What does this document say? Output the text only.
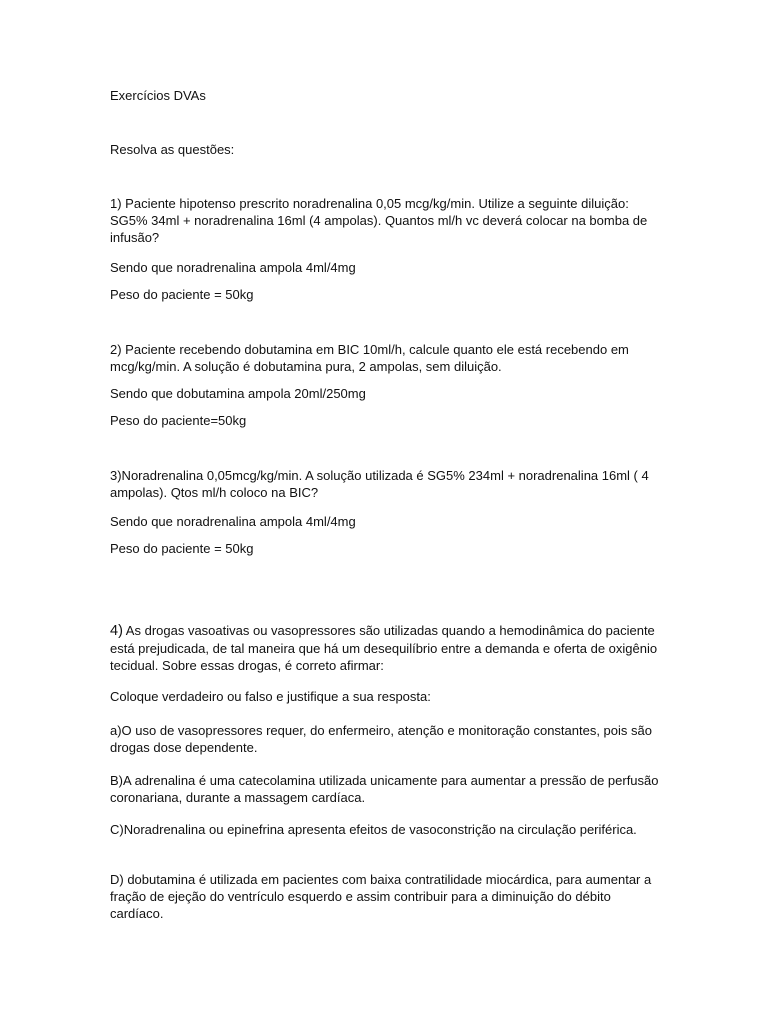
Exercícios DVAs

Resolva as questões:

1) Paciente hipotenso prescrito noradrenalina 0,05 mcg/kg/min. Utilize a seguinte diluição: SG5% 34ml + noradrenalina 16ml (4 ampolas). Quantos ml/h vc deverá colocar na bomba de infusão?

Sendo que noradrenalina ampola 4ml/4mg

Peso do paciente = 50kg

2) Paciente recebendo dobutamina em BIC 10ml/h, calcule quanto ele está recebendo em mcg/kg/min. A solução é dobutamina pura, 2 ampolas, sem diluição.

Sendo que dobutamina ampola 20ml/250mg

Peso do paciente=50kg

3)Noradrenalina 0,05mcg/kg/min. A solução utilizada é SG5% 234ml + noradrenalina 16ml ( 4 ampolas). Qtos ml/h coloco na BIC?

Sendo que noradrenalina ampola 4ml/4mg

Peso do paciente = 50kg

4) As drogas vasoativas ou vasopressores são utilizadas quando a hemodinâmica do paciente está prejudicada, de tal maneira que há um desequilíbrio entre a demanda e oferta de oxigênio tecidual. Sobre essas drogas, é correto afirmar:

Coloque verdadeiro ou falso e justifique a sua resposta:

a)O uso de vasopressores requer, do enfermeiro, atenção e monitoração constantes, pois são drogas dose dependente.

B)A adrenalina é uma catecolamina utilizada unicamente para aumentar a pressão de perfusão coronariana, durante a massagem cardíaca.

C)Noradrenalina ou epinefrina apresenta efeitos de vasoconstrição na circulação periférica.

D) dobutamina é utilizada em pacientes com baixa contratilidade miocárdica, para aumentar a fração de ejeção do ventrículo esquerdo e assim contribuir para a diminuição do débito cardíaco.
